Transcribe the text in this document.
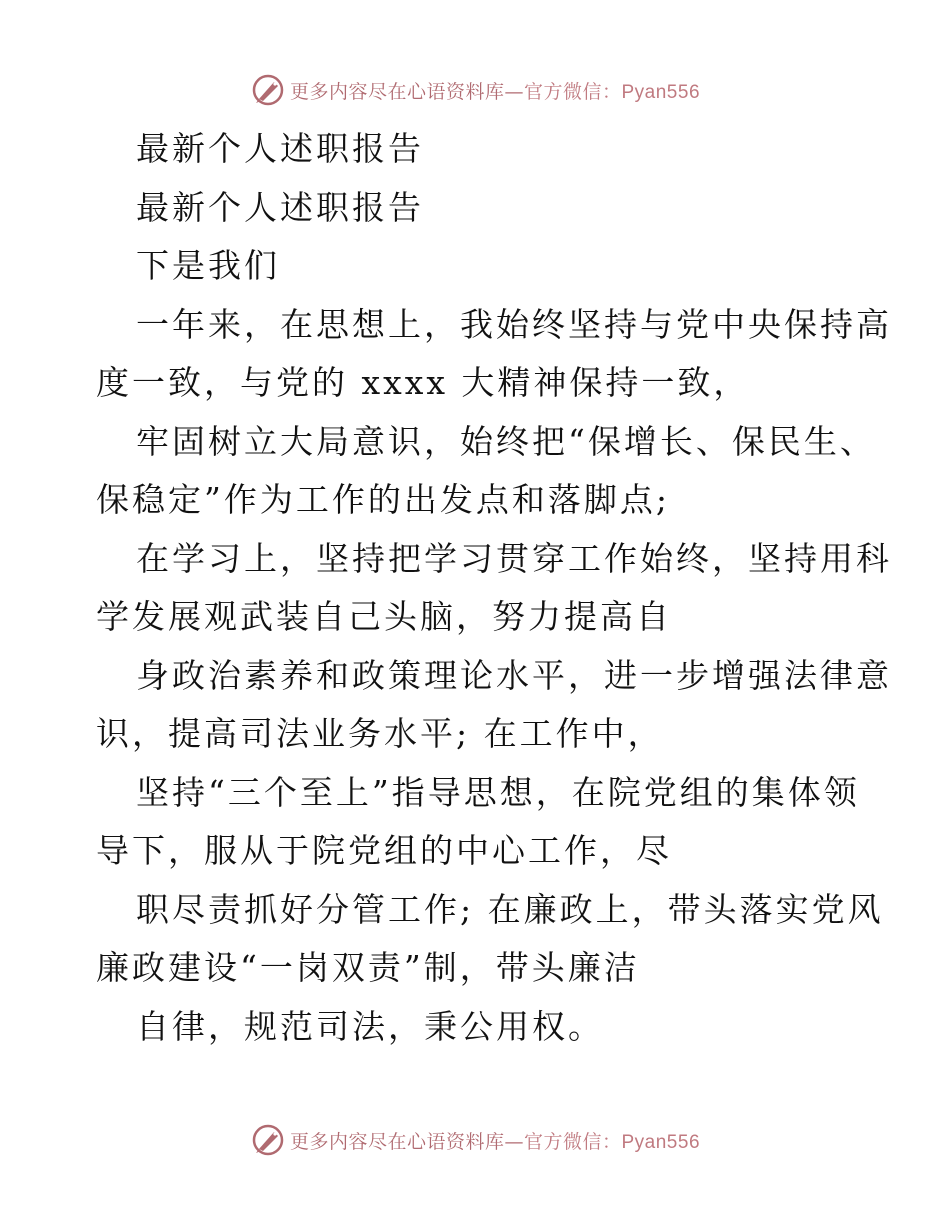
更多内容尽在心语资料库—官方微信：Pyan556
最新个人述职报告
最新个人述职报告
下是我们
一年来，在思想上，我始终坚持与党中央保持高
度一致，与党的 xxxx 大精神保持一致，
牢固树立大局意识，始终把“保增长、保民生、
保稳定”作为工作的出发点和落脚点;
在学习上，坚持把学习贯穿工作始终，坚持用科
学发展观武装自己头脑，努力提高自
身政治素养和政策理论水平，进一步增强法律意
识，提高司法业务水平; 在工作中，
坚持“三个至上”指导思想，在院党组的集体领
导下，服从于院党组的中心工作，尽
职尽责抓好分管工作; 在廉政上，带头落实党风
廉政建设“一岗双责”制，带头廉洁
自律，规范司法，秉公用权。
更多内容尽在心语资料库—官方微信：Pyan556
